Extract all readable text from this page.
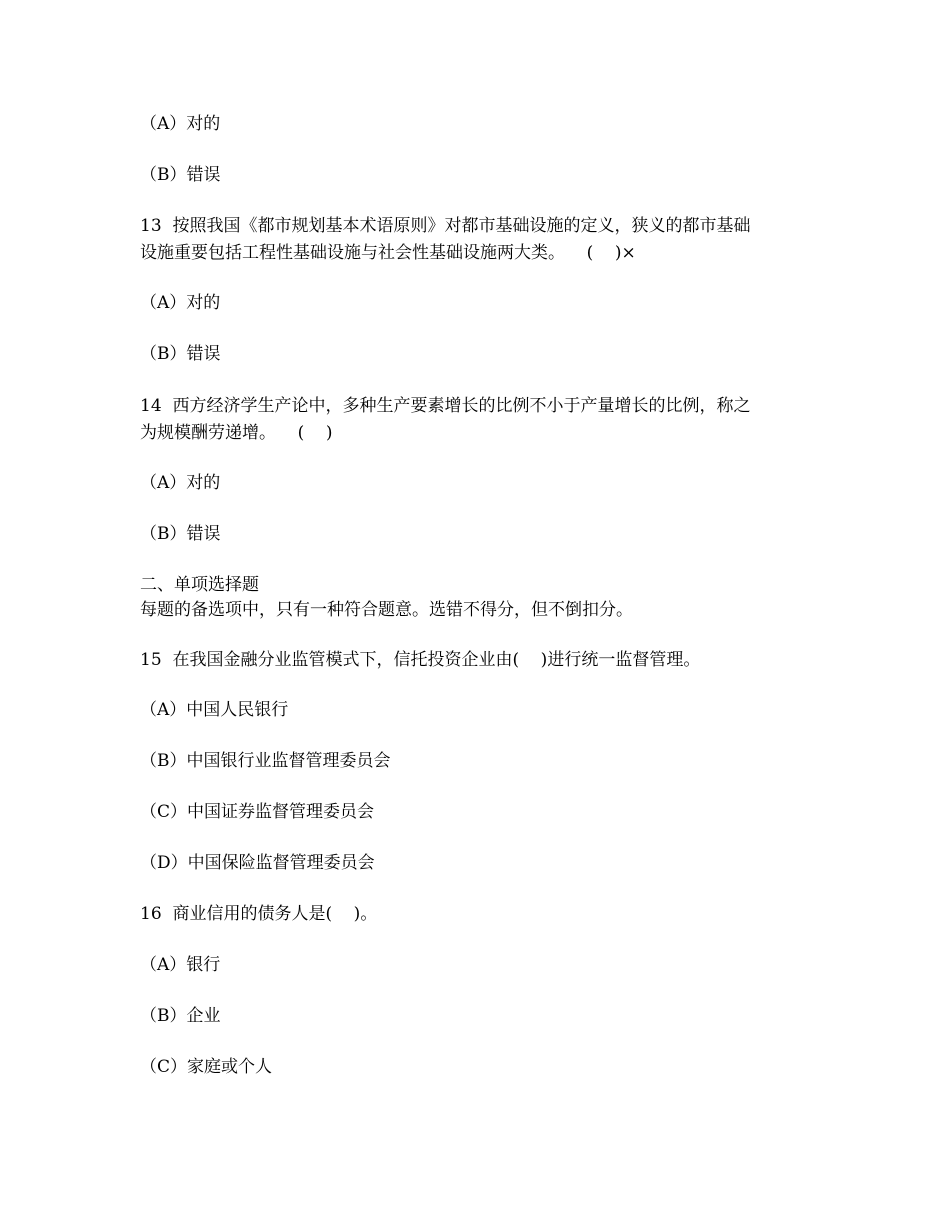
（A）对的
（B）错误
13  按照我国《都市规划基本术语原则》对都市基础设施的定义，狭义的都市基础
设施重要包括工程性基础设施与社会性基础设施两大类。    (    )×
（A）对的
（B）错误
14  西方经济学生产论中，多种生产要素增长的比例不小于产量增长的比例，称之
为规模酬劳递增。    (    )
（A）对的
（B）错误
二、单项选择题
每题的备选项中，只有一种符合题意。选错不得分，但不倒扣分。
15  在我国金融分业监管模式下，信托投资企业由(    )进行统一监督管理。
（A）中国人民银行
（B）中国银行业监督管理委员会
（C）中国证券监督管理委员会
（D）中国保险监督管理委员会
16  商业信用的债务人是(    )。
（A）银行
（B）企业
（C）家庭或个人
